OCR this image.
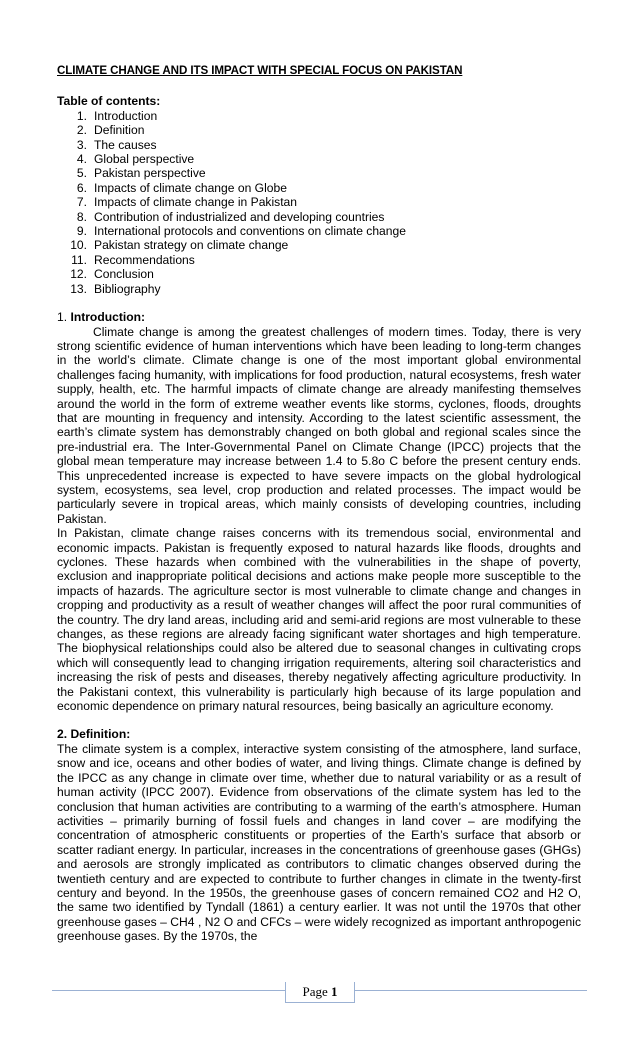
CLIMATE CHANGE AND ITS IMPACT WITH SPECIAL FOCUS ON PAKISTAN

Table of contents:

1. Introduction
2. Definition
3. The causes
4. Global perspective
5. Pakistan perspective
6. Impacts of climate change on Globe
7. Impacts of climate change in Pakistan
8. Contribution of industrialized and developing countries
9. International protocols and conventions on climate change
10. Pakistan strategy on climate change
11. Recommendations
12. Conclusion
13. Bibliography

1. Introduction:

Climate change is among the greatest challenges of modern times. Today, there is very strong scientific evidence of human interventions which have been leading to long-term changes in the world’s climate. Climate change is one of the most important global environmental challenges facing humanity, with implications for food production, natural ecosystems, fresh water supply, health, etc. The harmful impacts of climate change are already manifesting themselves around the world in the form of extreme weather events like storms, cyclones, floods, droughts that are mounting in frequency and intensity. According to the latest scientific assessment, the earth’s climate system has demonstrably changed on both global and regional scales since the pre-industrial era. The Inter-Governmental Panel on Climate Change (IPCC) projects that the global mean temperature may increase between 1.4 to 5.8o C before the present century ends. This unprecedented increase is expected to have severe impacts on the global hydrological system, ecosystems, sea level, crop production and related processes. The impact would be particularly severe in tropical areas, which mainly consists of developing countries, including Pakistan.

In Pakistan, climate change raises concerns with its tremendous social, environmental and economic impacts. Pakistan is frequently exposed to natural hazards like floods, droughts and cyclones. These hazards when combined with the vulnerabilities in the shape of poverty, exclusion and inappropriate political decisions and actions make people more susceptible to the impacts of hazards. The agriculture sector is most vulnerable to climate change and changes in cropping and productivity as a result of weather changes will affect the poor rural communities of the country. The dry land areas, including arid and semi-arid regions are most vulnerable to these changes, as these regions are already facing significant water shortages and high temperature. The biophysical relationships could also be altered due to seasonal changes in cultivating crops which will consequently lead to changing irrigation requirements, altering soil characteristics and increasing the risk of pests and diseases, thereby negatively affecting agriculture productivity. In the Pakistani context, this vulnerability is particularly high because of its large population and economic dependence on primary natural resources, being basically an agriculture economy.

2. Definition:

The climate system is a complex, interactive system consisting of the atmosphere, land surface, snow and ice, oceans and other bodies of water, and living things. Climate change is defined by the IPCC as any change in climate over time, whether due to natural variability or as a result of human activity (IPCC 2007). Evidence from observations of the climate system has led to the conclusion that human activities are contributing to a warming of the earth’s atmosphere. Human activities – primarily burning of fossil fuels and changes in land cover – are modifying the concentration of atmospheric constituents or properties of the Earth’s surface that absorb or scatter radiant energy. In particular, increases in the concentrations of greenhouse gases (GHGs) and aerosols are strongly implicated as contributors to climatic changes observed during the twentieth century and are expected to contribute to further changes in climate in the twenty-first century and beyond. In the 1950s, the greenhouse gases of concern remained CO2 and H2 O, the same two identified by Tyndall (1861) a century earlier. It was not until the 1970s that other greenhouse gases – CH4 , N2 O and CFCs – were widely recognized as important anthropogenic greenhouse gases. By the 1970s, the

Page 1
